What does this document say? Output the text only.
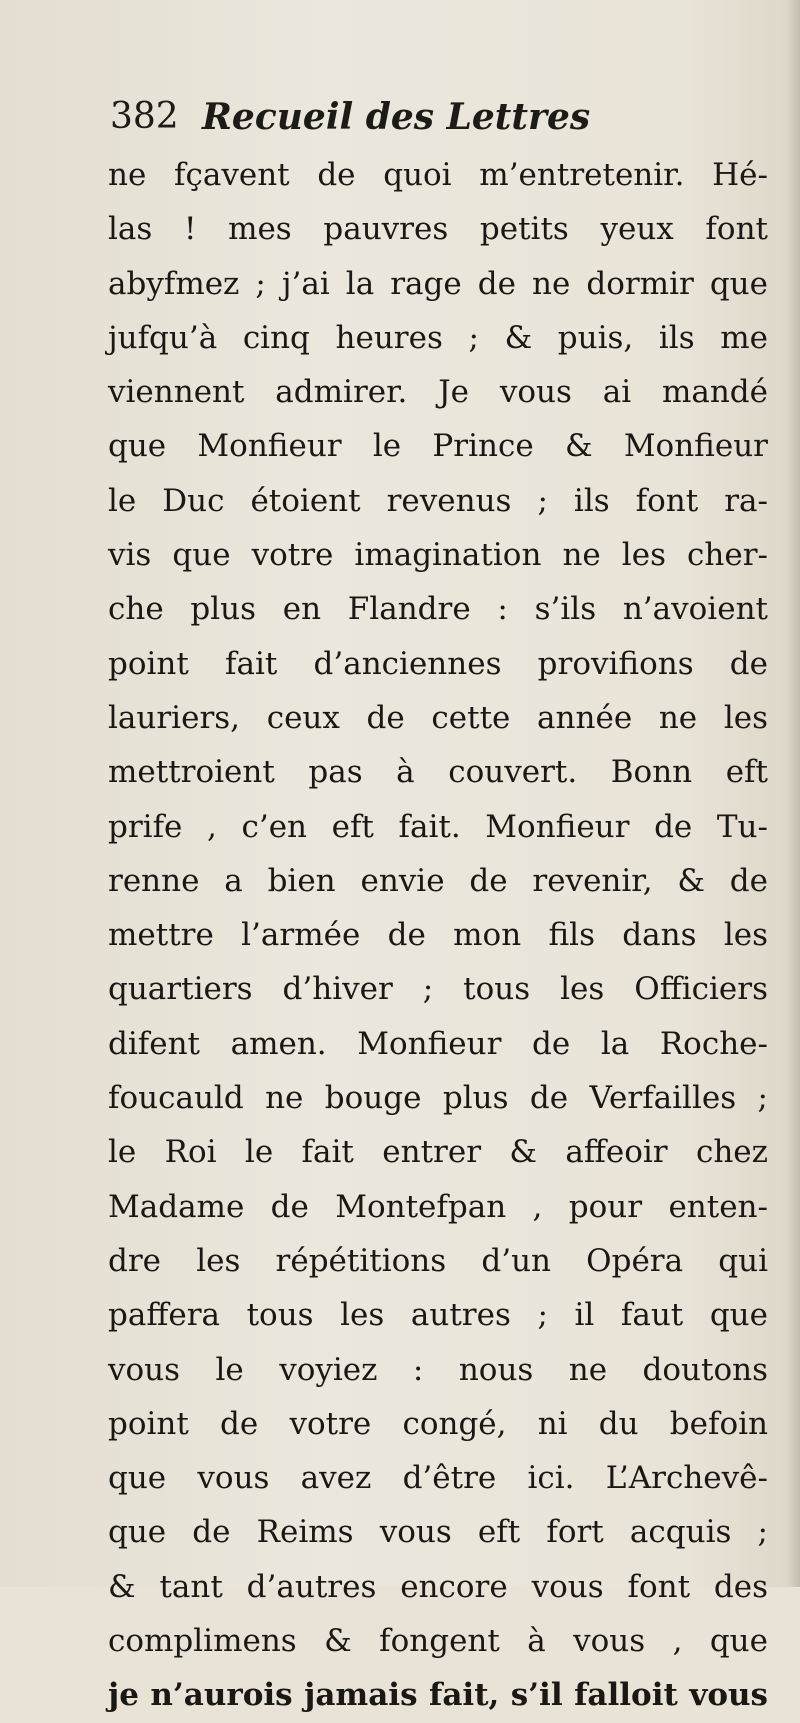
382 Recueil des Lettres
ne fçavent de quoi m’entretenir. Hé-
las ! mes pauvres petits yeux font
abyfmez ; j’ai la rage de ne dormir que
jufqu’à cinq heures ; & puis, ils me
viennent admirer. Je vous ai mandé
que Monfieur le Prince & Monfieur
le Duc étoient revenus ; ils font ra-
vis que votre imagination ne les cher-
che plus en Flandre : s’ils n’avoient
point fait d’anciennes provifions de
lauriers, ceux de cette année ne les
mettroient pas à couvert. Bonn eft
prife , c’en eft fait. Monfieur de Tu-
renne a bien envie de revenir, & de
mettre l’armée de mon fils dans les
quartiers d’hiver ; tous les Officiers
difent amen. Monfieur de la Roche-
foucauld ne bouge plus de Verfailles ;
le Roi le fait entrer & affeoir chez
Madame de Montefpan , pour enten-
dre les répétitions d’un Opéra qui
paffera tous les autres ; il faut que
vous le voyiez : nous ne doutons
point de votre congé, ni du befoin
que vous avez d’être ici. L’Archevê-
que de Reims vous eft fort acquis ;
& tant d’autres encore vous font des
complimens & fongent à vous , que
je n’aurois jamais fait, s’il falloit vous
